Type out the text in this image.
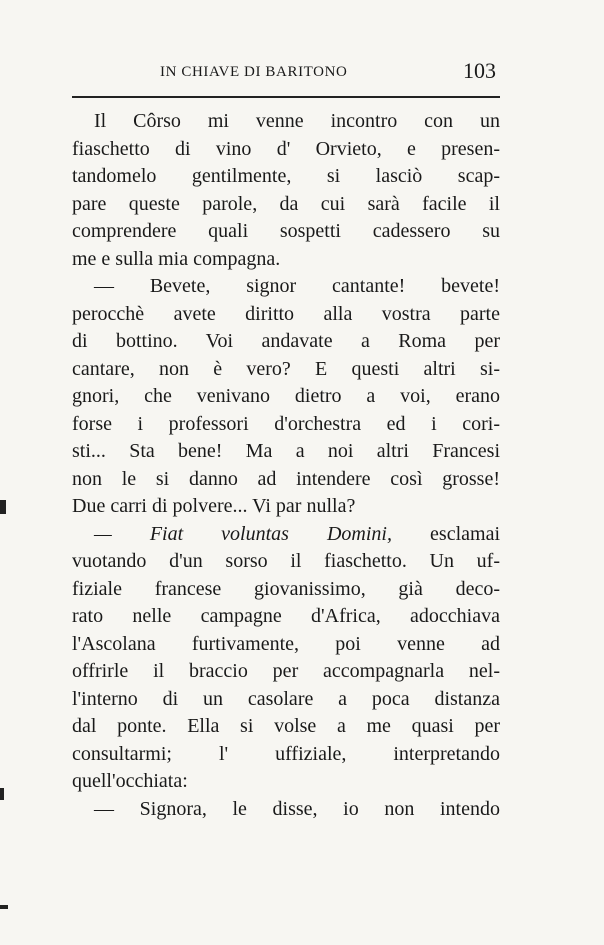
IN CHIAVE DI BARITONO	103
Il Côrso mi venne incontro con un
fiaschetto di vino d' Orvieto, e presen-
tandomelo gentilmente, si lasciò scap-
pare queste parole, da cui sarà facile il
comprendere quali sospetti cadessero su
me e sulla mia compagna.
— Bevete, signor cantante! bevete!
perocchè avete diritto alla vostra parte
di bottino. Voi andavate a Roma per
cantare, non è vero? E questi altri si-
gnori, che venivano dietro a voi, erano
forse i professori d'orchestra ed i cori-
sti... Sta bene! Ma a noi altri Francesi
non le si danno ad intendere così grosse!
Due carri di polvere... Vi par nulla?
— Fiat voluntas Domini, esclamai
vuotando d'un sorso il fiaschetto. Un uf-
fiziale francese giovanissimo, già deco-
rato nelle campagne d'Africa, adocchiava
l'Ascolana furtivamente, poi venne ad
offrirle il braccio per accompagnarla nel-
l'interno di un casolare a poca distanza
dal ponte. Ella si volse a me quasi per
consultarmi; l' uffiziale, interpretando
quell'occhiata:
— Signora, le disse, io non intendo
